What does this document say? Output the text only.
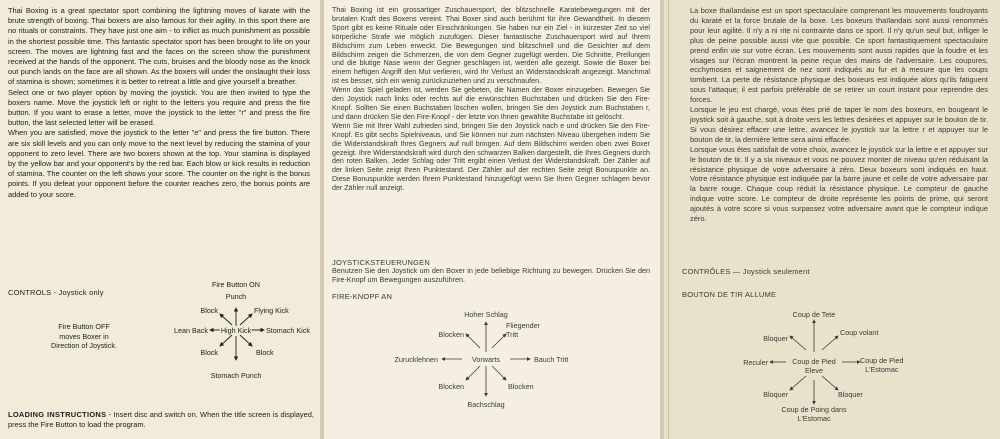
Thai Boxing is a great spectator sport combining the lightning moves of karate with the brute strength of boxing. Thai boxers are also famous for their agility. In this sport there are no rituals or constraints. They have just one aim - to inflict as much punishment as possible in the shortest possible time. This fantastic spectator sport has been brought to life on your screen. The moves are lightning fast and the faces on the screen show the punishment received at the hands of the opponent. The cuts, bruises and the bloody nose as the knock out punch lands on the face are all shown. As the boxers will under the onslaught their loss of stamina is shown; sometimes it is better to retreat a little and give yourself a breather.
Select one or two player option by moving the joystick. You are then invited to type the boxers name. Move the joystick left or right to the letters you require and press the fire button. If you want to erase a letter, move the joystick to the letter "r" and press the fire button, the last selected letter will be erased.
When you are satisfied, move the joystick to the letter "e" and press the fire button. There are six skill levels and you can only move to the next level by reducing the stamina of your opponent to zero level. There are two boxers shown at the top. Your stamina is displayed by the yellow bar and your opponent's by the red bar. Each blow or kick results in reduction of stamina. The counter on the left shows your score. The counter on the right is the bonus points. If you defeat your opponent before the counter reaches zero, the bonus points are added to your score.

CONTROLS - Joystick only
Fire Button ON
Punch
Flying Kick
Stomach Kick
Block
Stomach Punch
Block
Lean Back
Block
High Kick
Fire Button OFF
moves Boxer in
Direction of Joystick.
LOADING INSTRUCTIONS - Insert disc and switch on. When the title screen is displayed, press the Fire Button to load the program.

Thai Boxing ist ein grossartiger Zuschauersport, der blitzschnelle Karatebewegungen mit der brutalen Kraft des Boxens vereint. Thai Boxer sind auch berühmt für ihre Gewandtheit. In diesem Sport gibt es keine Rituale oder Einschränkungen. Sie haben nur ein Ziel - in kürzester Zeit so viel körperliche Strafe wie möglich zuzufügen. Dieser fantastische Zuschauersport wird auf Ihrem Bildschirm zum Leben erweckt. Die Bewegungen sind blitzschnell und die Gesichter auf dem Bildschirm zeigen die Schmerzen, die von dem Gegner zugefügt werden. Die Schnitte, Prellungen und die blutige Nase wenn der Gegner geschlagen ist, werden alle gezeigt. Sowie die Boxer bei einem heftigen Angriff den Mut verlieren, wird Ihr Verlust an Widerstandskraft angezeigt. Manchmal ist es besser, sich ein wenig zurückzuziehen und zu verschnaufen.
Wenn das Spiel geladen ist, werden Sie gebeten, die Namen der Boxer einzugeben. Bewegen Sie den Joystick nach links oder rechts auf die erwünschten Buchstaben und drücken Sie den Fire-Knopf. Sollten Sie einen Buchstaben löschen wollen, bringen Sie den Joystick zum Buchstaben r, und dann drücken Sie den Fire-Knopf - der letzte von Ihnen gewählte Buchstabe ist gelöscht.
Wenn Sie mit Ihrer Wahl zufrieden sind, bringen Sie den Joystick nach e und drücken Sie den Fire-Knopf. Es gibt sechs Spielniveaus, und Sie können nur zum nächsten Niveau übergehen indem Sie die Widerstandskraft Ihres Gegners auf null bringen. Auf dem Bildschirm werden oben zwei Boxer gezeigt. Ihre Widerstandskraft wird durch den schwarzen Balken dargestellt, die Ihres Gegners durch den roten Balken. Jeder Schlag oder Tritt ergibt einen Verlust der Widerstandskraft. Der Zähler auf der linken Seite zeigt Ihren Punktestand. Der Zähler auf der rechten Seite zeigt Bonuspunkte an. Diese Bonuspunkte werden Ihrem Punktestand hinzugefügt wenn Sie Ihren Gegner schlagen bevor der Zähler null anzeigt.

JOYSTICKSTEUERUNGEN

Benutzen Sie den Joystick um den Boxer in jede beliebige Richtung zu bewegen. Drücken Sie den Fire-Knopf um Bewegungen auszuführen.

FIRE-KNOPF AN
Hoher Schlag
Fliegender
Tritt
Bauch Tritt
Blocken
Bachschlag
Blocken
Zurucklehnen
Blocken
Vorwarts

La boxe thaïlandaise est un sport spectaculaire comprenant les mouvements foudroyants du karaté et la force brutale de la boxe. Les boxeurs thaïlandais sont aussi renommés pour leur agilité. Il n'y a ni rite ni contrainte dans ce sport. Il n'y qu'un seul but, infliger le plus de peine possible aussi vite que possible. Ce sport fantastiquement spectaculaire prend enfin vie sur votre écran. Les mouvements sont aussi rapides que la foudre et les visages sur l'écran montrent la peine reçue des mains de l'adversaire. Les coupures, ecchymoses et saignement de nez sont indiqués au fur et à mesure que les coups tombent. La perte de résistance physique des boxeurs est indiquée alors qu'ils fatiguent sous l'attaque; il est parfois préférable de se retirer un court instant pour reprendre des forces.
Lorsque le jeu est chargé, vous êtes prié de taper le nom des boxeurs, en bougeant le joystick soit à gauche, soit à droite vers les lettres desirées et appuyer sur le bouton de tir. Si vous désirez effacer une lettre, avancez le joystick sur la lettre r et appuyer sur le bouton de tir, la dernière lettre sera ainsi effacée.
Lorsque vous êtes satisfait de votre choix, avancez le joystick sur la lettre e et appuyer sur le bouton de tir. Il y a six niveaux et vous ne pouvez monter de niveau qu'en réduisant la résistance physique de votre adversaire à zéro. Deux boxeurs sont indiqués en haut. Votre résistance physique est indiquée par la barre jaune et celle de votre adversaire par la barre rouge. Chaque coup réduit la résistance physique. Le compteur de gauche indique votre score. Le compteur de droite représente les points de prime, qui seront ajoutés à votre score si vous surpassez votre adversaire avant que le compteur indique zéro.

CONTRÔLES — Joystick seulement
BOUTON DE TIR ALLUME
Coup de Tete
Coup volant
Coup de Pied
L'Estomac
Bloquer
Coup de Poing dans
L'Estomac
Bloquer
Reculer
Bloquer
Coup de Pied
Eleve
